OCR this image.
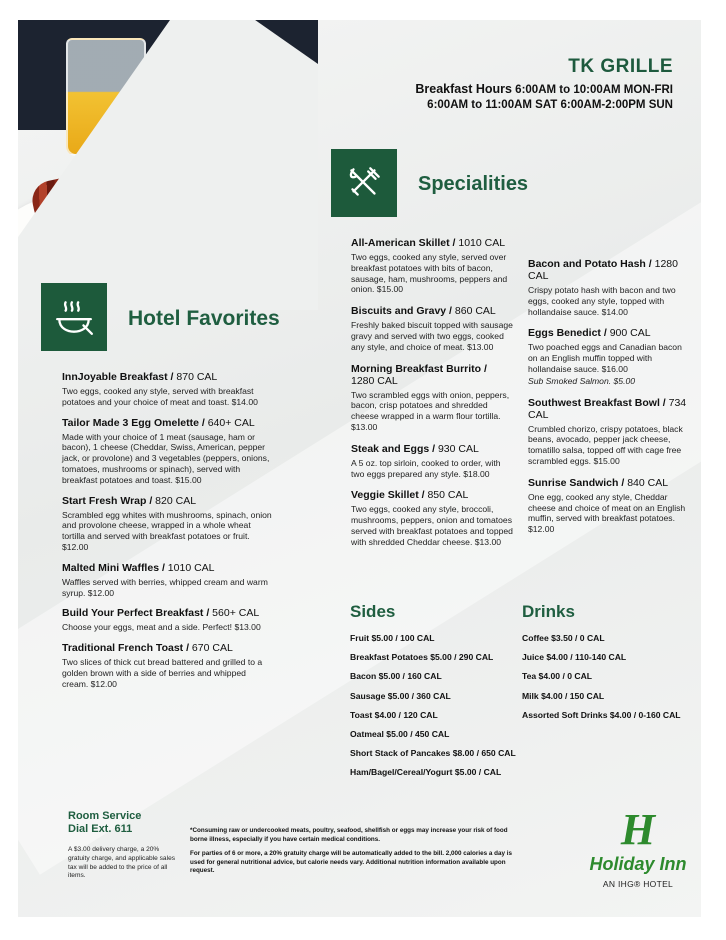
TK GRILLE
Breakfast Hours 6:00AM to 10:00AM MON-FRI
6:00AM to 11:00AM SAT 6:00AM-2:00PM SUN
Specialities
Hotel Favorites
InnJoyable Breakfast / 870 CAL
Two eggs, cooked any style, served with breakfast potatoes and your choice of meat and toast. $14.00
Tailor Made 3 Egg Omelette / 640+ CAL
Made with your choice of 1 meat (sausage, ham or bacon), 1 cheese (Cheddar, Swiss, American, pepper jack, or provolone) and 3 vegetables (peppers, onions, tomatoes, mushrooms or spinach), served with breakfast potatoes and toast. $15.00
Start Fresh Wrap / 820 CAL
Scrambled egg whites with mushrooms, spinach, onion and provolone cheese, wrapped in a whole wheat tortilla and served with breakfast potatoes or fruit. $12.00
Malted Mini Waffles / 1010 CAL
Waffles served with berries, whipped cream and warm syrup. $12.00
Build Your Perfect Breakfast / 560+ CAL
Choose your eggs, meat and a side. Perfect! $13.00
Traditional French Toast / 670 CAL
Two slices of thick cut bread battered and grilled to a golden brown with a side of berries and whipped cream. $12.00
All-American Skillet / 1010 CAL
Two eggs, cooked any style, served over breakfast potatoes with bits of bacon, sausage, ham, mushrooms, peppers and onion. $15.00
Biscuits and Gravy / 860 CAL
Freshly baked biscuit topped with sausage gravy and served with two eggs, cooked any style, and choice of meat. $13.00
Morning Breakfast Burrito / 1280 CAL
Two scrambled eggs with onion, peppers, bacon, crisp potatoes and shredded cheese wrapped in a warm flour tortilla. $13.00
Steak and Eggs / 930 CAL
A 5 oz. top sirloin, cooked to order, with two eggs prepared any style. $18.00
Veggie Skillet / 850 CAL
Two eggs, cooked any style, broccoli, mushrooms, peppers, onion and tomatoes served with breakfast potatoes and topped with shredded Cheddar cheese. $13.00
Bacon and Potato Hash / 1280 CAL
Crispy potato hash with bacon and two eggs, cooked any style, topped with hollandaise sauce. $14.00
Eggs Benedict / 900 CAL
Two poached eggs and Canadian bacon on an English muffin topped with hollandaise sauce. $16.00
Sub Smoked Salmon. $5.00
Southwest Breakfast Bowl / 734 CAL
Crumbled chorizo, crispy potatoes, black beans, avocado, pepper jack cheese, tomatillo salsa, topped off with cage free scrambled eggs. $15.00
Sunrise Sandwich / 840 CAL
One egg, cooked any style, Cheddar cheese and choice of meat on an English muffin, served with breakfast potatoes. $12.00
Sides
Fruit $5.00 / 100 CAL
Breakfast Potatoes $5.00 / 290 CAL
Bacon $5.00 / 160 CAL
Sausage $5.00 / 360 CAL
Toast $4.00 / 120 CAL
Oatmeal $5.00 / 450 CAL
Short Stack of Pancakes $8.00 / 650 CAL
Ham/Bagel/Cereal/Yogurt $5.00 / CAL
Drinks
Coffee $3.50 / 0 CAL
Juice $4.00 / 110-140 CAL
Tea $4.00 / 0 CAL
Milk $4.00 / 150 CAL
Assorted Soft Drinks $4.00 / 0-160 CAL
Room Service
Dial Ext. 611
A $3.00 delivery charge, a 20% gratuity charge, and applicable sales tax will be added to the price of all items.

*Consuming raw or undercooked meats, poultry, seafood, shellfish or eggs may increase your risk of food borne illness, especially if you have certain medical conditions.

For parties of 6 or more, a 20% gratuity charge will be automatically added to the bill. 2,000 calories a day is used for general nutritional advice, but calorie needs vary. Additional nutrition information available upon request.

H
Holiday Inn
AN IHG® HOTEL
